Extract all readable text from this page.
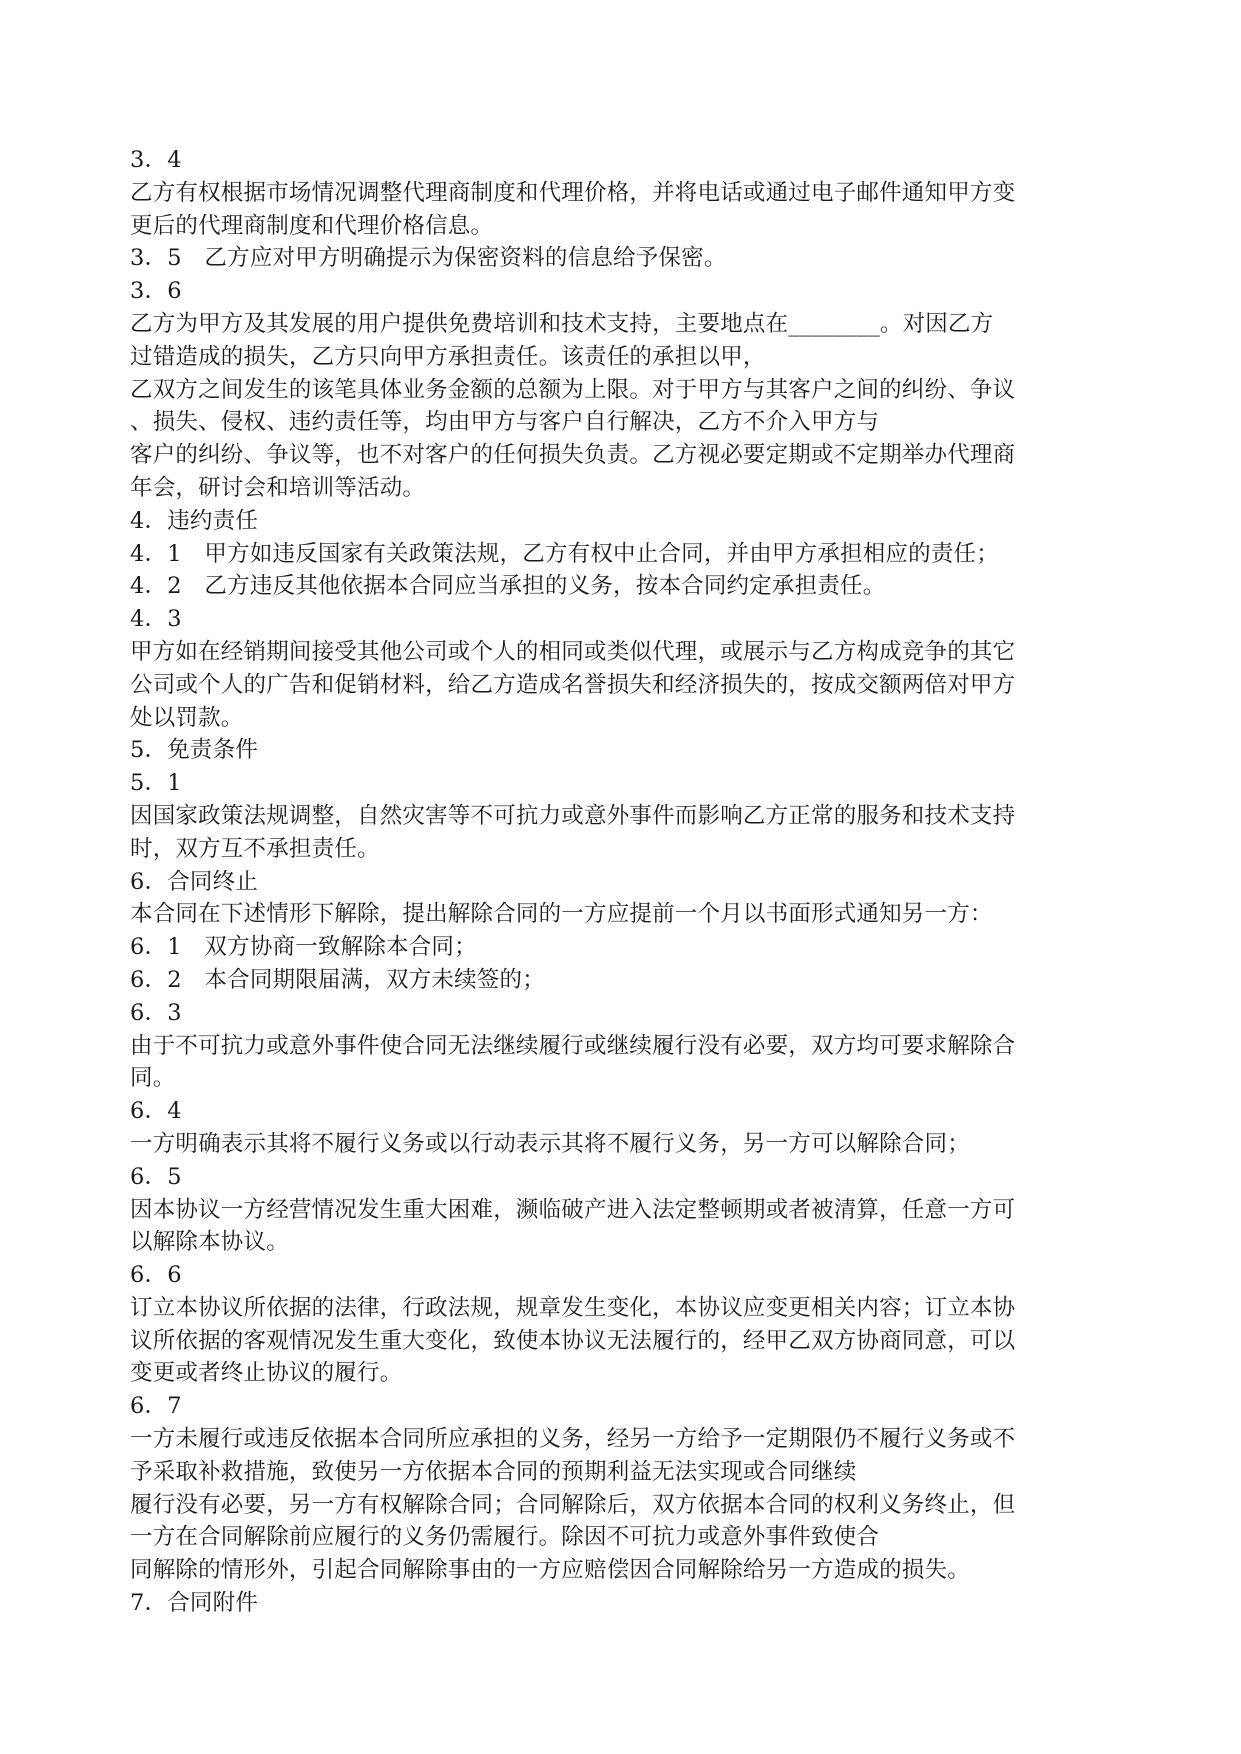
3．4
乙方有权根据市场情况调整代理商制度和代理价格，并将电话或通过电子邮件通知甲方变
更后的代理商制度和代理价格信息。
3．5　乙方应对甲方明确提示为保密资料的信息给予保密。
3．6
乙方为甲方及其发展的用户提供免费培训和技术支持，主要地点在________。对因乙方
过错造成的损失，乙方只向甲方承担责任。该责任的承担以甲，
乙双方之间发生的该笔具体业务金额的总额为上限。对于甲方与其客户之间的纠纷、争议
、损失、侵权、违约责任等，均由甲方与客户自行解决，乙方不介入甲方与
客户的纠纷、争议等，也不对客户的任何损失负责。乙方视必要定期或不定期举办代理商
年会，研讨会和培训等活动。
4．违约责任
4．1　甲方如违反国家有关政策法规，乙方有权中止合同，并由甲方承担相应的责任；
4．2　乙方违反其他依据本合同应当承担的义务，按本合同约定承担责任。
4．3
甲方如在经销期间接受其他公司或个人的相同或类似代理，或展示与乙方构成竞争的其它
公司或个人的广告和促销材料，给乙方造成名誉损失和经济损失的，按成交额两倍对甲方
处以罚款。
5．免责条件
5．1
因国家政策法规调整，自然灾害等不可抗力或意外事件而影响乙方正常的服务和技术支持
时，双方互不承担责任。
6．合同终止
本合同在下述情形下解除，提出解除合同的一方应提前一个月以书面形式通知另一方：
6．1　双方协商一致解除本合同；
6．2　本合同期限届满，双方未续签的；
6．3
由于不可抗力或意外事件使合同无法继续履行或继续履行没有必要，双方均可要求解除合
同。
6．4
一方明确表示其将不履行义务或以行动表示其将不履行义务，另一方可以解除合同；
6．5
因本协议一方经营情况发生重大困难，濒临破产进入法定整顿期或者被清算，任意一方可
以解除本协议。
6．6
订立本协议所依据的法律，行政法规，规章发生变化，本协议应变更相关内容；订立本协
议所依据的客观情况发生重大变化，致使本协议无法履行的，经甲乙双方协商同意，可以
变更或者终止协议的履行。
6．7
一方未履行或违反依据本合同所应承担的义务，经另一方给予一定期限仍不履行义务或不
予采取补救措施，致使另一方依据本合同的预期利益无法实现或合同继续
履行没有必要，另一方有权解除合同；合同解除后，双方依据本合同的权利义务终止，但
一方在合同解除前应履行的义务仍需履行。除因不可抗力或意外事件致使合
同解除的情形外，引起合同解除事由的一方应赔偿因合同解除给另一方造成的损失。
7．合同附件
